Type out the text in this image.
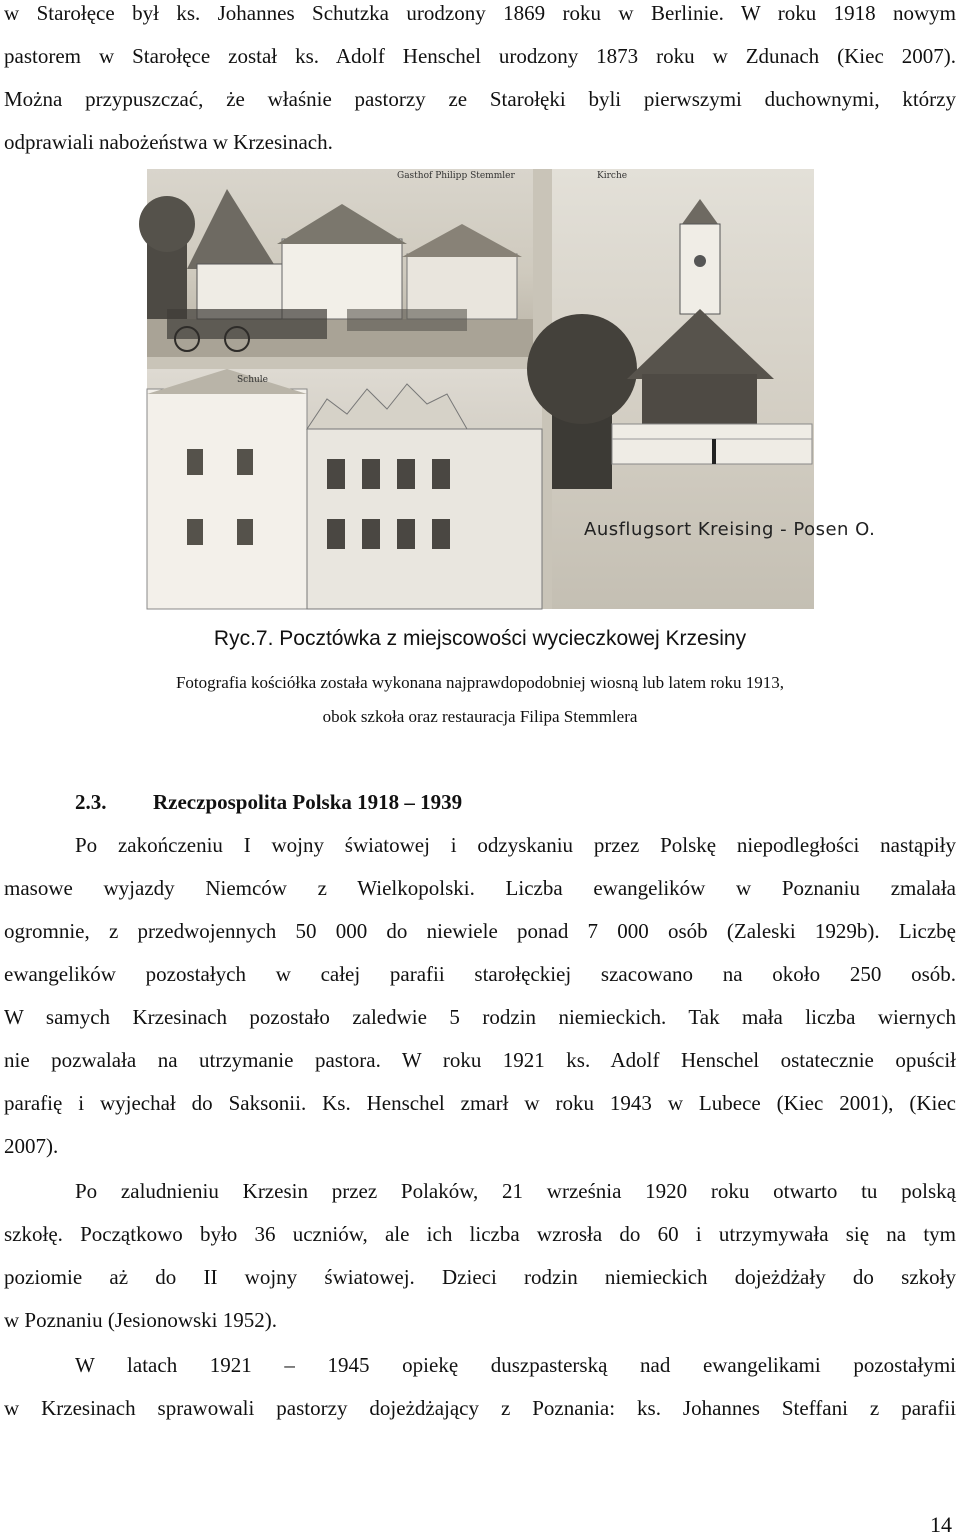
w Starołęce był ks. Johannes Schutzka urodzony 1869 roku w Berlinie. W roku 1918 nowym
pastorem w Starołęce został ks. Adolf Henschel urodzony 1873 roku w Zdunach (Kiec 2007).
Można przypuszczać, że właśnie pastorzy ze Starołęki byli pierwszymi duchownymi, którzy
odprawiali nabożeństwa w Krzesinach.
Gasthof Philipp Stemmler
Schule
Kirche
Ausflugsort Kreising - Posen O.
Ryc.7. Pocztówka z miejscowości wycieczkowej Krzesiny
Fotografia kościółka została wykonana najprawdopodobniej wiosną lub latem roku 1913,
obok szkoła oraz restauracja Filipa Stemmlera
2.3. Rzeczpospolita Polska 1918 – 1939
Po zakończeniu I wojny światowej i odzyskaniu przez Polskę niepodległości nastąpiły
masowe wyjazdy Niemców z Wielkopolski. Liczba ewangelików w Poznaniu zmalała
ogromnie, z przedwojennych 50 000 do niewiele ponad 7 000 osób (Zaleski 1929b). Liczbę
ewangelików pozostałych w całej parafii starołęckiej szacowano na około 250 osób.
W samych Krzesinach pozostało zaledwie 5 rodzin niemieckich. Tak mała liczba wiernych
nie pozwalała na utrzymanie pastora. W roku 1921 ks. Adolf Henschel ostatecznie opuścił
parafię i wyjechał do Saksonii. Ks. Henschel zmarł w roku 1943 w Lubece (Kiec 2001), (Kiec
2007).
Po zaludnieniu Krzesin przez Polaków, 21 września 1920 roku otwarto tu polską
szkołę. Początkowo było 36 uczniów, ale ich liczba wzrosła do 60 i utrzymywała się na tym
poziomie aż do II wojny światowej. Dzieci rodzin niemieckich dojeżdżały do szkoły
w Poznaniu (Jesionowski 1952).
W latach 1921 – 1945 opiekę duszpasterską nad ewangelikami pozostałymi
w Krzesinach sprawowali pastorzy dojeżdżający z Poznania: ks. Johannes Steffani z parafii
14
